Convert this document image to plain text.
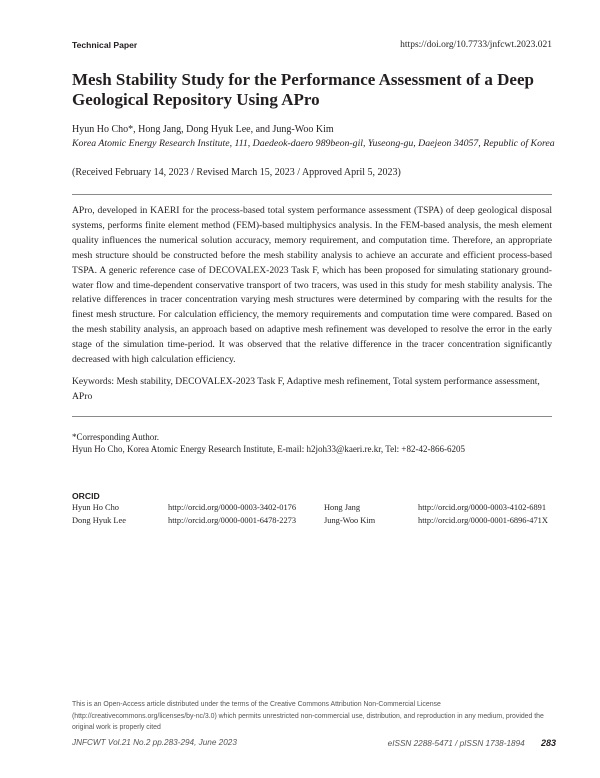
Technical Paper	https://doi.org/10.7733/jnfcwt.2023.021
Mesh Stability Study for the Performance Assessment of a Deep Geological Repository Using APro
Hyun Ho Cho*, Hong Jang, Dong Hyuk Lee, and Jung-Woo Kim
Korea Atomic Energy Research Institute, 111, Daedeok-daero 989beon-gil, Yuseong-gu, Daejeon 34057, Republic of Korea
(Received February 14, 2023 / Revised March 15, 2023 / Approved April 5, 2023)

APro, developed in KAERI for the process-based total system performance assessment (TSPA) of deep geological disposal systems, performs finite element method (FEM)-based multiphysics analysis. In the FEM-based analysis, the mesh element quality influences the numerical solution accuracy, memory requirement, and computation time. Therefore, an appropriate mesh structure should be constructed before the mesh stability analysis to achieve an accurate and efficient process-based TSPA. A generic reference case of DECOVALEX-2023 Task F, which has been proposed for simulating stationary ground-water flow and time-dependent conservative transport of two tracers, was used in this study for mesh stability analysis. The relative differences in tracer concentration varying mesh structures were determined by comparing with the results for the finest mesh structure. For calculation efficiency, the memory requirements and computation time were compared. Based on the mesh stability analysis, an approach based on adaptive mesh refinement was developed to resolve the error in the early stage of the simulation time-period. It was observed that the relative difference in the tracer concentration significantly decreased with high calculation efficiency.

Keywords: Mesh stability, DECOVALEX-2023 Task F, Adaptive mesh refinement, Total system performance assessment, APro
*Corresponding Author.
Hyun Ho Cho, Korea Atomic Energy Research Institute, E-mail: h2joh33@kaeri.re.kr, Tel: +82-42-866-6205
ORCID
Hyun Ho Cho	http://orcid.org/0000-0003-3402-0176	Hong Jang	http://orcid.org/0000-0003-4102-6891
Dong Hyuk Lee	http://orcid.org/0000-0001-6478-2273	Jung-Woo Kim	http://orcid.org/0000-0001-6896-471X
This is an Open-Access article distributed under the terms of the Creative Commons Attribution Non-Commercial License (http://creativecommons.org/licenses/by-nc/3.0) which permits unrestricted non-commercial use, distribution, and reproduction in any medium, provided the original work is properly cited
JNFCWT Vol.21 No.2 pp.283-294, June 2023	eISSN 2288-5471 / pISSN 1738-1894 283
